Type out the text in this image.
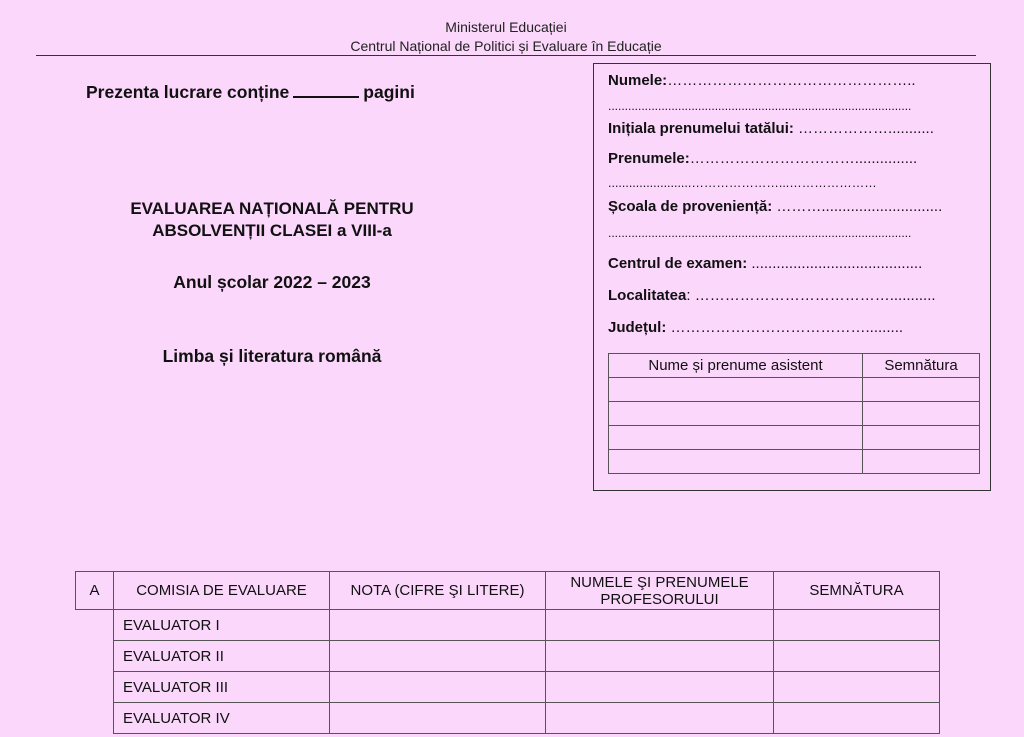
Ministerul Educației
Centrul Național de Politici și Evaluare în Educație
Prezenta lucrare conține	pagini
EVALUAREA NAȚIONALĂ PENTRU
ABSOLVENȚII CLASEI a VIII-a
Anul școlar 2022 – 2023
Limba și literatura română
Numele:…………………………………………..
...........................................................................................
Inițiala prenumelui tatălui: ………………...........
Prenumele:……………………………...............
........................…………………...…………………
Școala de proveniență: ……….............................
...........................................................................................
Centrul de examen: .........................................
Localitatea: …………………………………...........
Județul: ………………………………….........
Nume și prenume asistent	Semnătura

A	COMISIA DE EVALUARE	NOTA (CIFRE ŞI LITERE)	NUMELE ŞI PRENUMELE
PROFESORULUI	SEMNĂTURA
	EVALUATOR I			
	EVALUATOR II			
	EVALUATOR III			
	EVALUATOR IV			
